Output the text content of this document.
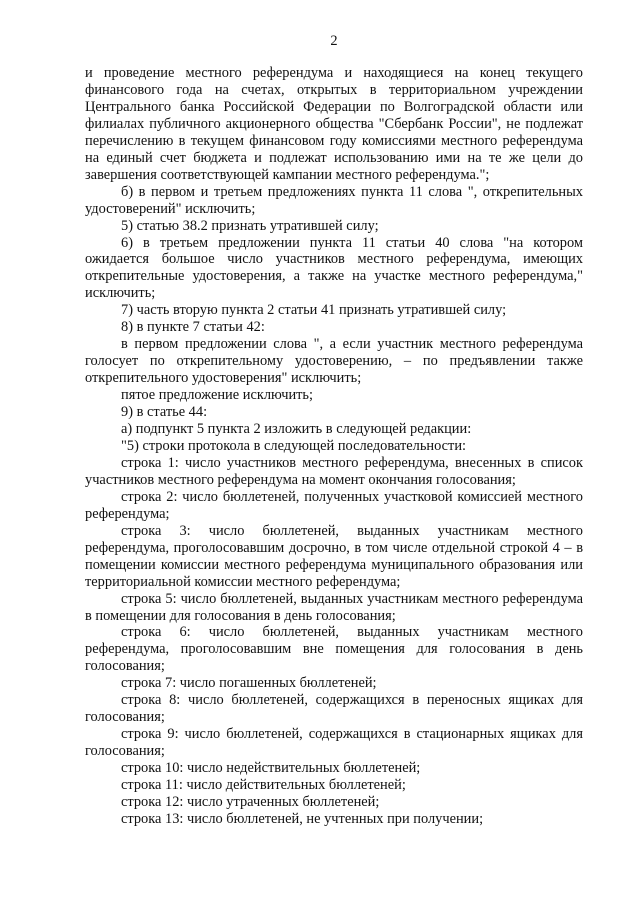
2

и проведение местного референдума и находящиеся на конец текущего финансового года на счетах, открытых в территориальном учреждении Центрального банка Российской Федерации по Волгоградской области или филиалах публичного акционерного общества "Сбербанк России", не подлежат перечислению в текущем финансовом году комиссиями местного референдума на единый счет бюджета и подлежат использованию ими на те же цели до завершения соответствующей кампании местного референдума.";

б) в первом и третьем предложениях пункта 11 слова ", открепительных удостоверений" исключить;

5) статью 38.2 признать утратившей силу;

6) в третьем предложении пункта 11 статьи 40 слова "на котором ожидается большое число участников местного референдума, имеющих открепительные удостоверения, а также на участке местного референдума," исключить;

7) часть вторую пункта 2 статьи 41 признать утратившей силу;

8) в пункте 7 статьи 42:

в первом предложении слова ", а если участник местного референдума голосует по открепительному удостоверению, – по предъявлении также открепительного удостоверения" исключить;

пятое предложение исключить;

9) в статье 44:

а) подпункт 5 пункта 2 изложить в следующей редакции:

"5) строки протокола в следующей последовательности:

строка 1: число участников местного референдума, внесенных в список участников местного референдума на момент окончания голосования;

строка 2: число бюллетеней, полученных участковой комиссией местного референдума;

строка 3: число бюллетеней, выданных участникам местного референдума, проголосовавшим досрочно, в том числе отдельной строкой 4 – в помещении комиссии местного референдума муниципального образования или территориальной комиссии местного референдума;

строка 5: число бюллетеней, выданных участникам местного референдума в помещении для голосования в день голосования;

строка 6: число бюллетеней, выданных участникам местного референдума, проголосовавшим вне помещения для голосования в день голосования;

строка 7: число погашенных бюллетеней;

строка 8: число бюллетеней, содержащихся в переносных ящиках для голосования;

строка 9: число бюллетеней, содержащихся в стационарных ящиках для голосования;

строка 10: число недействительных бюллетеней;

строка 11: число действительных бюллетеней;

строка 12: число утраченных бюллетеней;

строка 13: число бюллетеней, не учтенных при получении;
